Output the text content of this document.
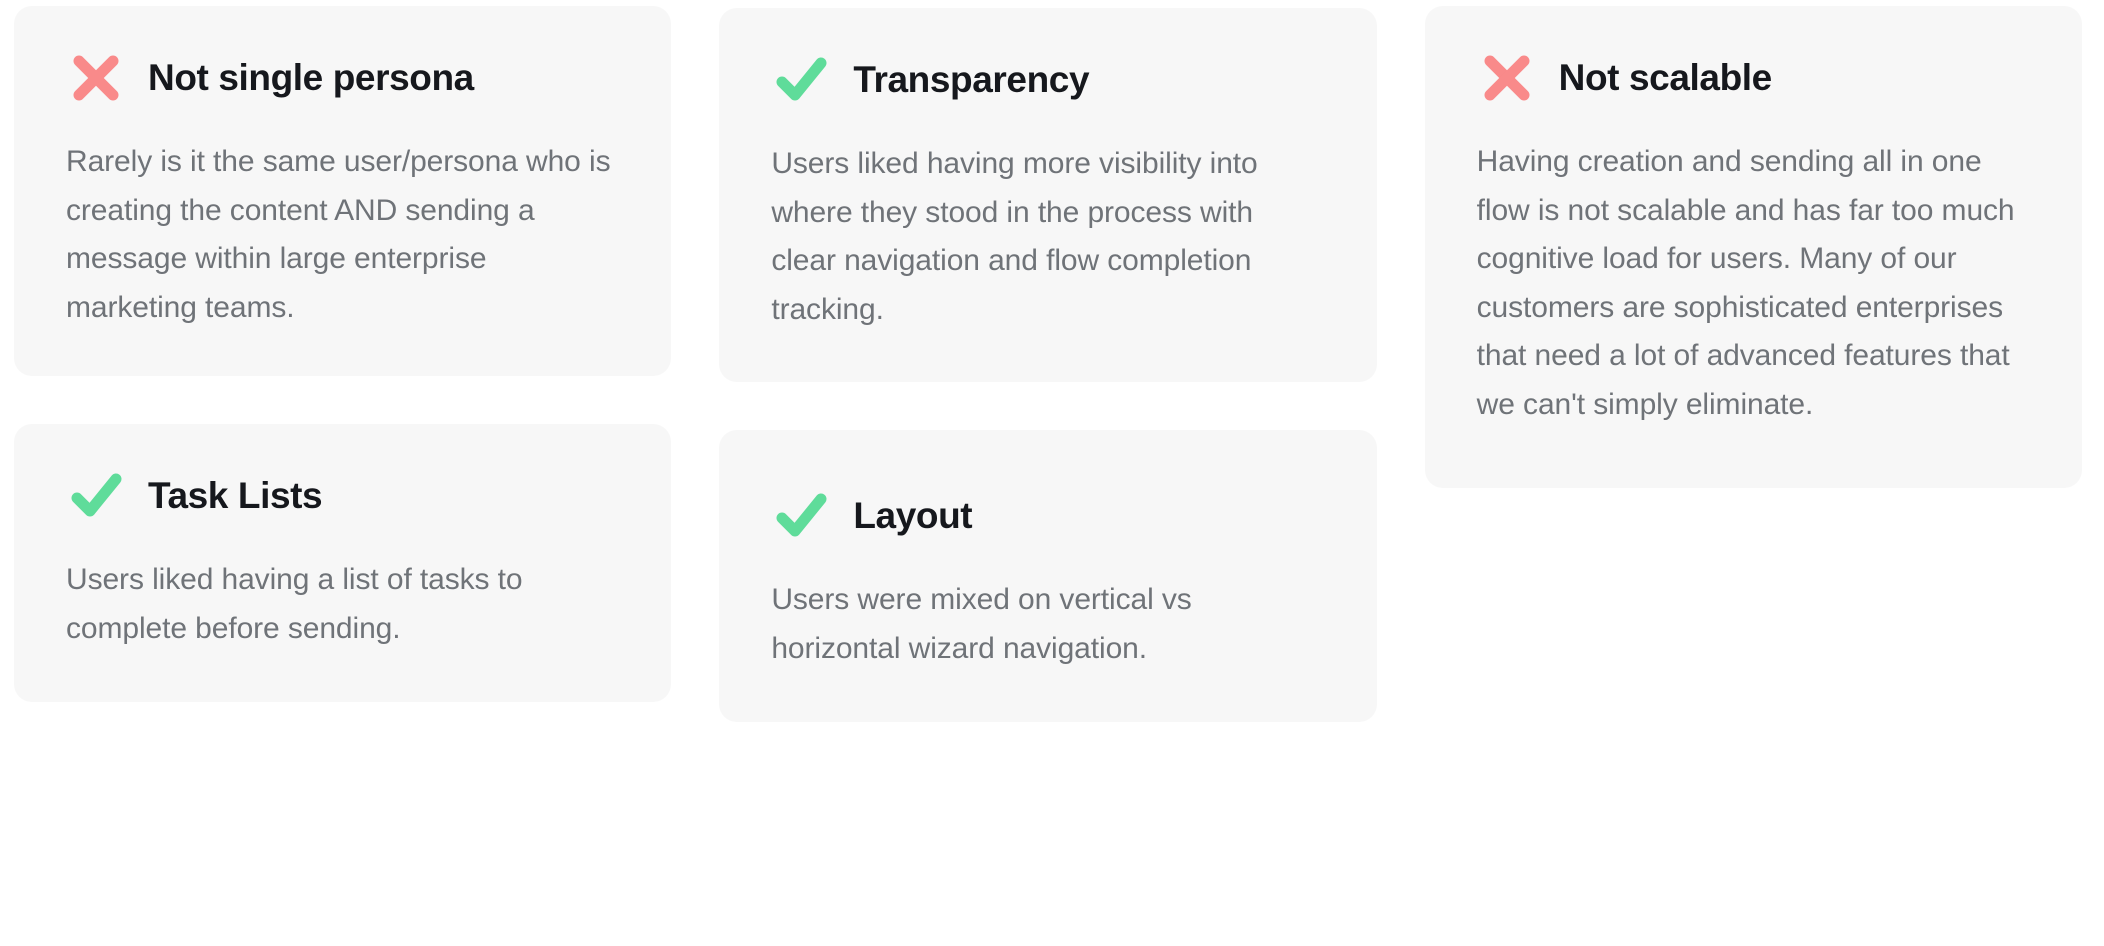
Not single persona
Rarely is it the same user/persona who is creating the content AND sending a message within large enterprise marketing teams.
Task Lists
Users liked having a list of tasks to complete before sending.
Transparency
Users liked having more visibility into where they stood in the process with clear navigation and flow completion tracking.
Layout
Users were mixed on vertical vs horizontal wizard navigation.
Not scalable
Having creation and sending all in one flow is not scalable and has far too much cognitive load for users. Many of our customers are sophisticated enterprises that need a lot of advanced features that we can't simply eliminate.
